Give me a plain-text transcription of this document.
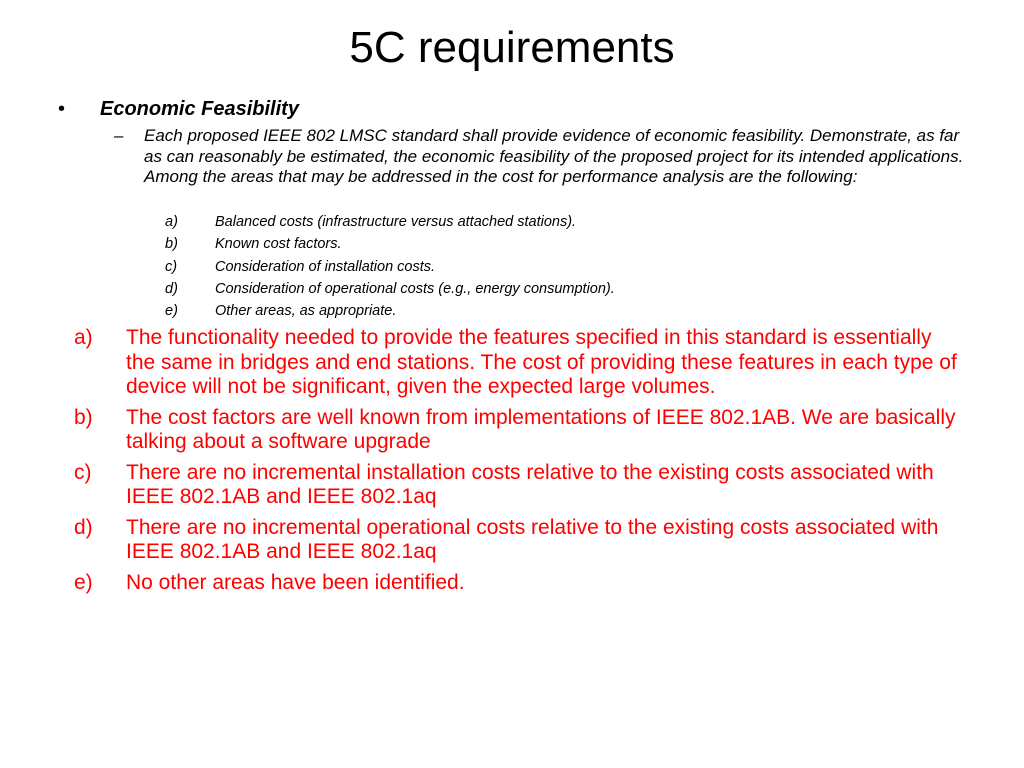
5C requirements
• Economic Feasibility
– Each proposed IEEE 802 LMSC standard shall provide evidence of economic feasibility. Demonstrate, as far as can reasonably be estimated, the economic feasibility of the proposed project for its intended applications. Among the areas that may be addressed in the cost for performance analysis are the following:
a)	Balanced costs (infrastructure versus attached stations).
b)	Known cost factors.
c)	Consideration of installation costs.
d)	Consideration of operational costs (e.g., energy consumption).
e)	Other areas, as appropriate.
a) The functionality needed to provide the features specified in this standard is essentially the same in bridges and end stations. The cost of providing these features in each type of device will not be significant, given the expected large volumes.
b) The cost factors are well known from implementations of IEEE 802.1AB. We are basically talking about a software upgrade
c) There are no incremental installation costs relative to the existing costs associated with IEEE 802.1AB and IEEE 802.1aq
d) There are no incremental operational costs relative to the existing costs associated with IEEE 802.1AB and IEEE 802.1aq
e) No other areas have been identified.
